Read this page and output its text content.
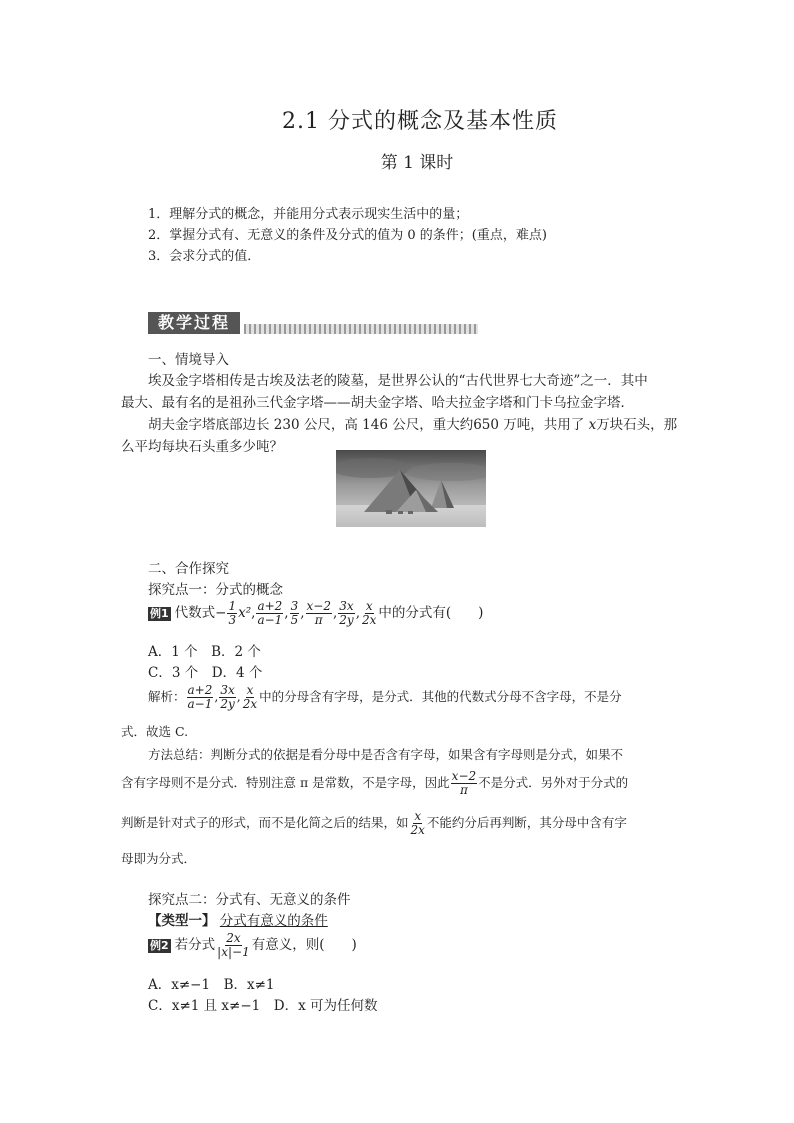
2.1 分式的概念及基本性质
第 1 课时
1．理解分式的概念，并能用分式表示现实生活中的量；
2．掌握分式有、无意义的条件及分式的值为 0 的条件；(重点，难点)
3．会求分式的值．
教学过程
一、情境导入
埃及金字塔相传是古埃及法老的陵墓，是世界公认的“古代世界七大奇迹”之一．其中
最大、最有名的是祖孙三代金字塔——胡夫金字塔、哈夫拉金字塔和门卡乌拉金字塔．
胡夫金字塔底部边长 230 公尺，高 146 公尺，重大约650 万吨，共用了 x万块石头，那
么平均每块石头重多少吨？
二、合作探究
探究点一：分式的概念
例1 代数式− $\frac{1}{3} x^2$, $\frac{a+2}{a-1}$ , $\frac{3}{5}$ , $\frac{x-2}{\pi}$ , $\frac{3x}{2y}$ , $\frac{x}{2x}$ 中的分式有(　　)
A．1 个　B．2 个
C．3 个　D．4 个
解析： $\frac{a+2}{a-1}$ , $\frac{3x}{2y}$ , $\frac{x}{2x}$ 中的分母含有字母，是分式．其他的代数式分母不含字母，不是分
式．故选 C.
方法总结：判断分式的依据是看分母中是否含有字母，如果含有字母则是分式，如果不
含有字母则不是分式．特别注意 π 是常数，不是字母，因此 $\frac{x-2}{\pi}$ 不是分式．另外对于分式的
判断是针对式子的形式，而不是化简之后的结果，如 $\frac{x}{2x}$ 不能约分后再判断，其分母中含有字
母即为分式．
探究点二：分式有、无意义的条件
【类型一】 分式有意义的条件
例2 若分式 $\frac{2x}{|x|-1}$ 有意义，则(　　)
A．x≠−1　B．x≠1
C．x≠1 且 x≠−1　D．x 可为任何数
